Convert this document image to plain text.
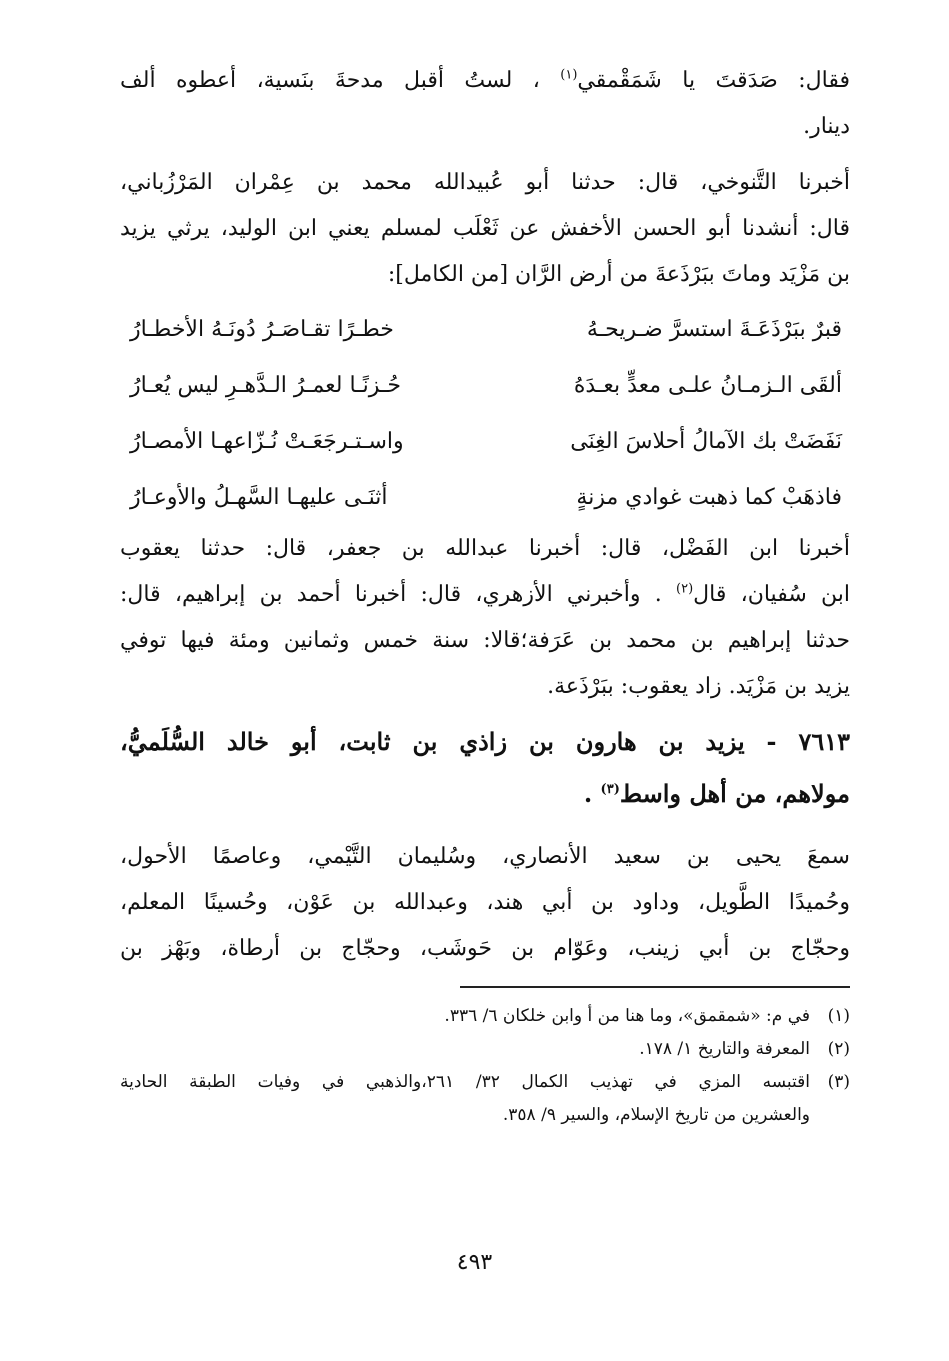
فقال: صَدَقتَ يا شَمَقْمقي$^{(١)}$ ، لستُ أقبل مدحةَ بنَسية، أعطوه ألف
دينار.
أخبرنا التَّنوخي، قال: حدثنا أبو عُبيدالله محمد بن عِمْران المَرْزُباني،
قال: أنشدنا أبو الحسن الأخفش عن ثَعْلَب لمسلم يعني ابن الوليد، يرثي يزيد
بن مَزْيَد وماتَ ببَرْذَعةَ من أرض الرَّان [من الكامل]:
قبرٌ ببَرْذَعَـةَ استسرَّ ضـريحـهُ
خطـرًا تقـاصَـرُ دُونَـهُ الأخطـارُ
ألقَى الـزمـانُ علـى معدٍّ بعـدَهُ
حُـزنًـا لعمـرُ الـدَّهـرِ ليس يُعـارُ
نَفَضَتْ بك الآمالُ أحلاسَ الغِنَى
واسـتـرجَعَـتْ نُـزّاعهـا الأمصـارُ
فاذهَبْ كما ذهبت غوادي مزنةٍ
أثنَـى عليهـا السَّهـلُ والأوعـارُ
أخبرنا ابن الفَضْل، قال: أخبرنا عبدالله بن جعفر، قال: حدثنا يعقوب
ابن سُفيان، قال$^{(٢)}$ . وأخبرني الأزهري، قال: أخبرنا أحمد بن إبراهيم، قال:
حدثنا إبراهيم بن محمد بن عَرَفة؛قالا: سنة خمس وثمانين ومئة فيها توفي
يزيد بن مَزْيَد. زاد يعقوب: ببَرْذَعة.
٧٦١٣ - يزيد بن هارون بن زاذي بن ثابت، أبو خالد السُّلَميُّ،
مولاهم، من أهل واسط$^{(٣)}$ .
سمعَ يحيى بن سعيد الأنصاري، وسُليمان التَّيْمي، وعاصمًا الأحول،
وحُميدًا الطَّويل، وداود بن أبي هند، وعبدالله بن عَوْن، وحُسينًا المعلم،
وحجّاج بن أبي زينب، وعَوّام بن حَوشَب، وحجّاج بن أرطاة، وبَهْز بن
(١)في م: «شمقمق»، وما هنا من أ وابن خلكان ٦/ ٣٣٦.
(٢)المعرفة والتاريخ ١/ ١٧٨.
(٣)اقتبسه المزي في تهذيب الكمال ٣٢/ ٢٦١،والذهبي في وفيات الطبقة الحادية
والعشرين من تاريخ الإسلام، والسير ٩/ ٣٥٨.
٤٩٣
